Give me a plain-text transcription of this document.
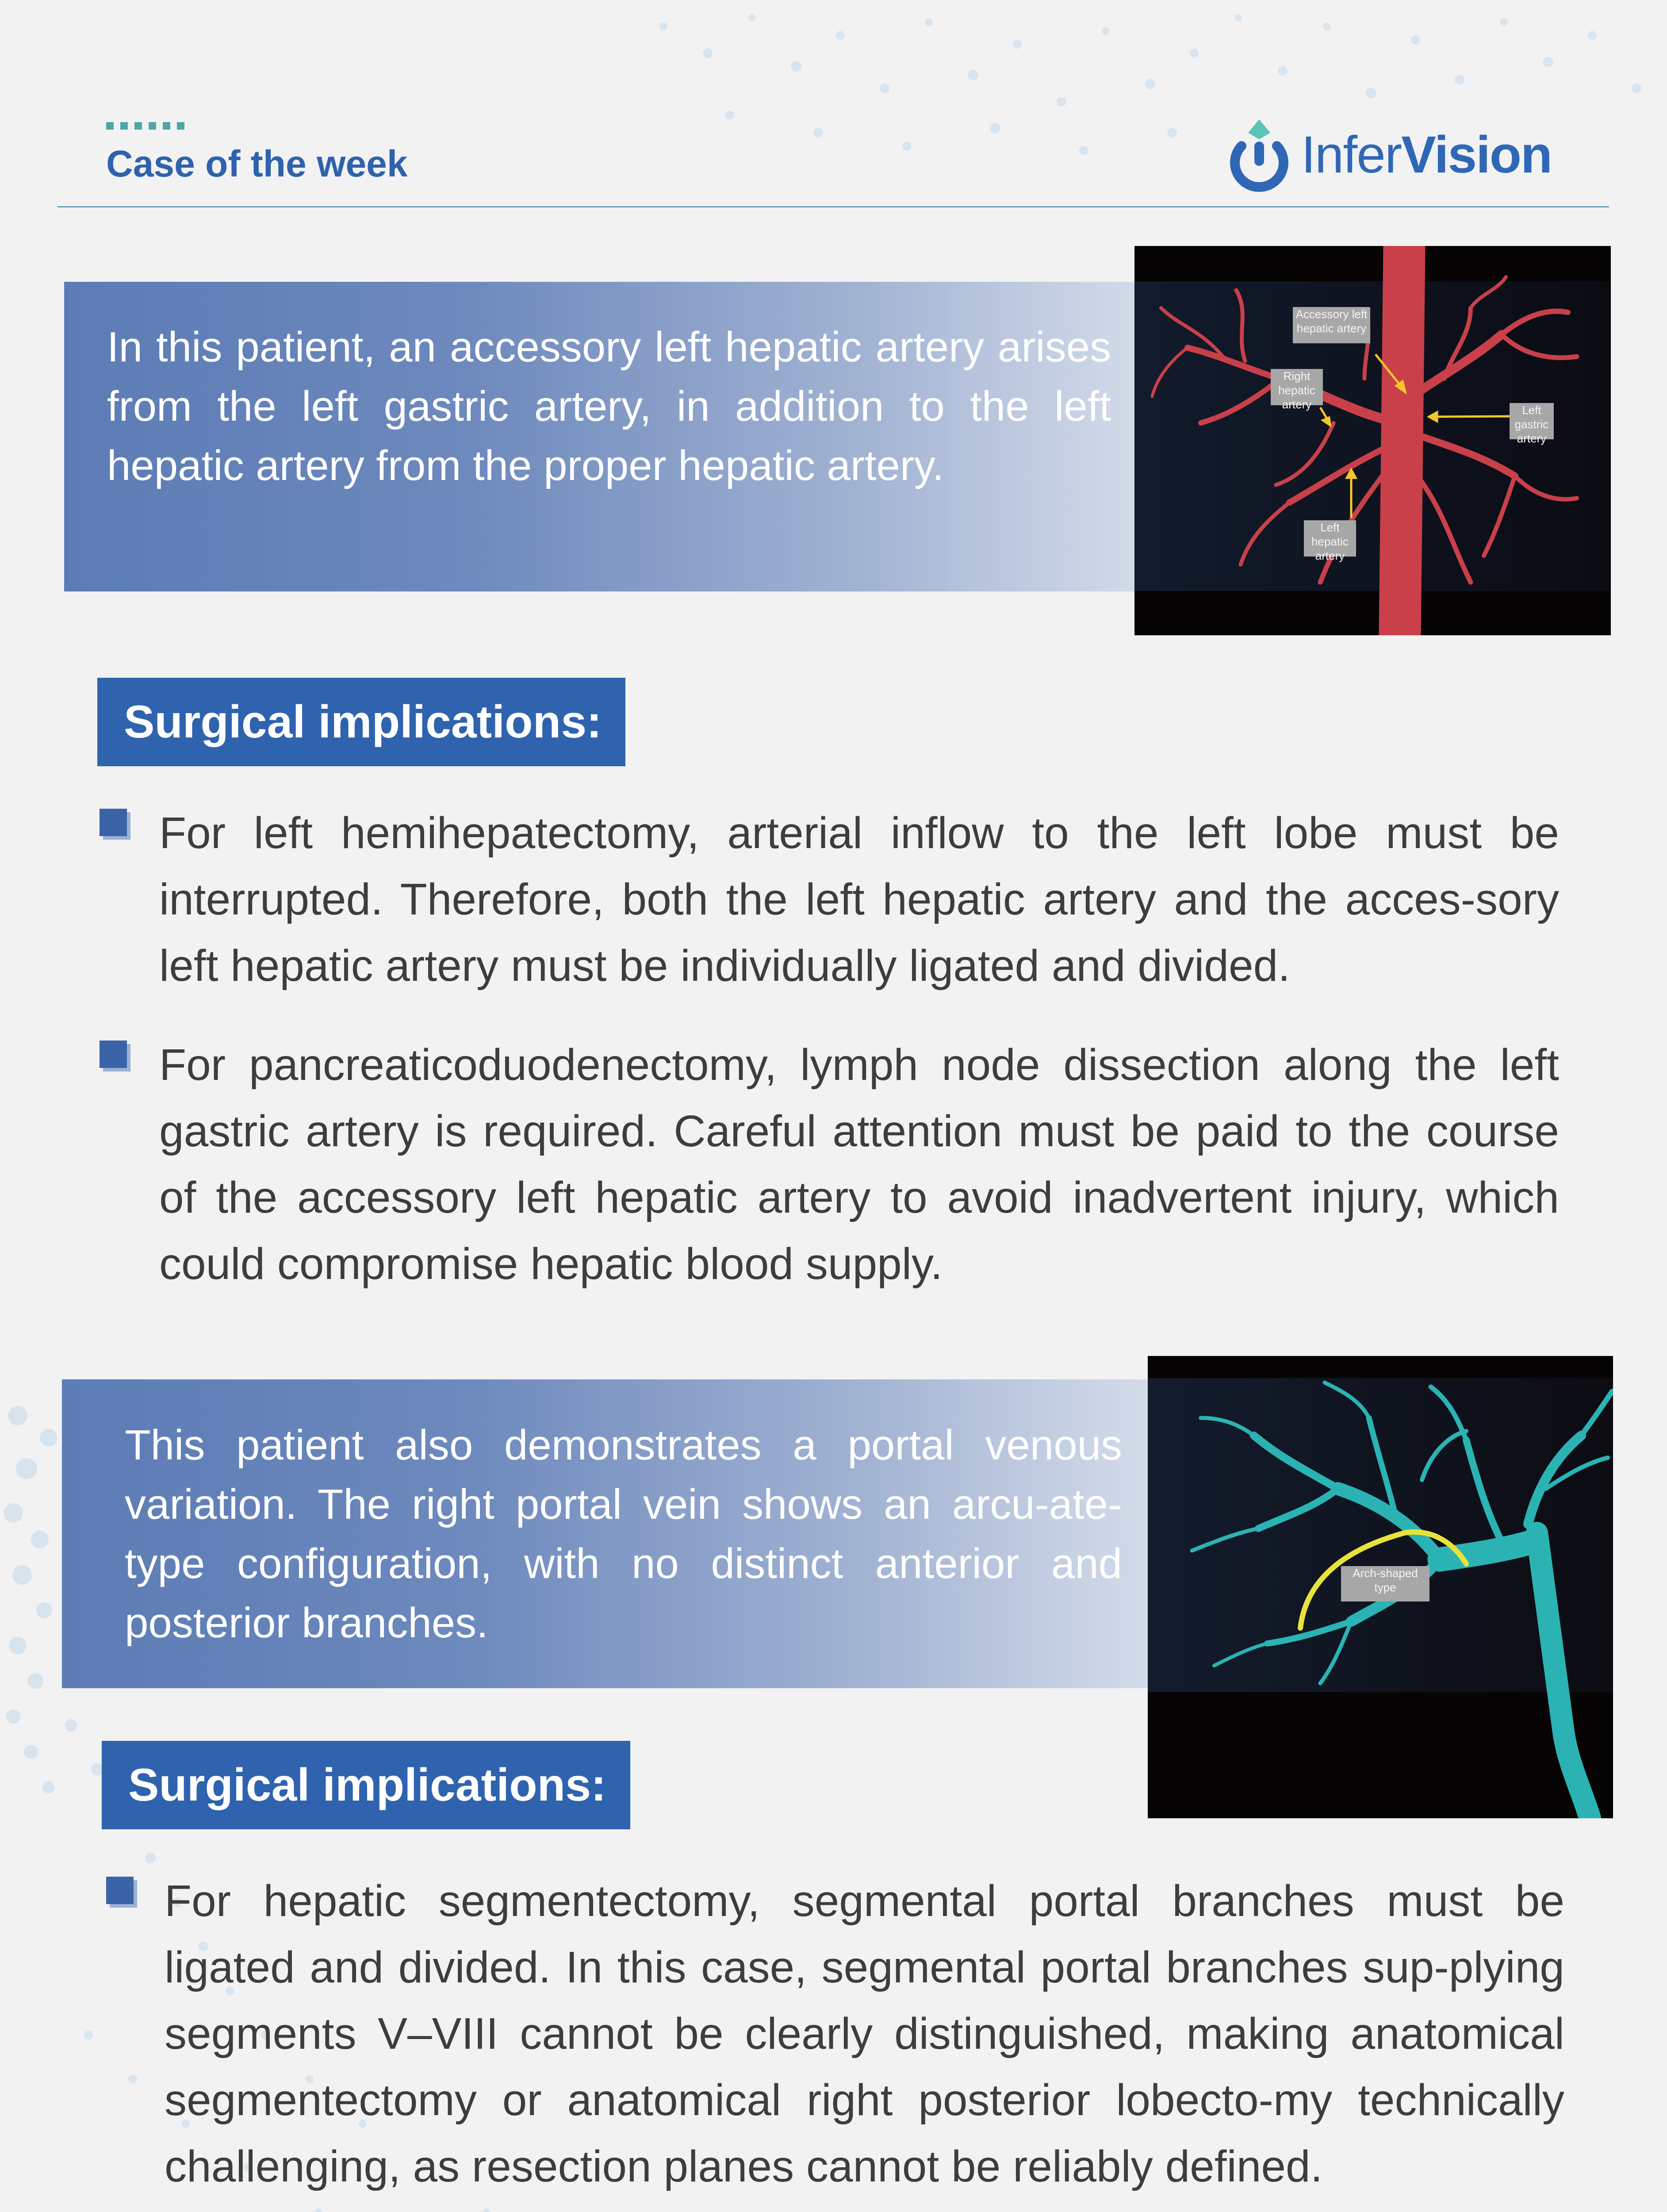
Case of the week	InferVision
In this patient, an accessory left hepatic artery arises from the left gastric artery, in addition to the left hepatic artery from the proper hepatic artery.
Accessory left hepatic artery
Right hepatic artery	Left gastric artery
Left hepatic artery
Surgical implications:
For left hemihepatectomy, arterial inflow to the left lobe must be interrupted. Therefore, both the left hepatic artery and the acces-sory left hepatic artery must be individually ligated and divided.
For pancreaticoduodenectomy, lymph node dissection along the left gastric artery is required. Careful attention must be paid to the course of the accessory left hepatic artery to avoid inadvertent injury, which could compromise hepatic blood supply.
This patient also demonstrates a portal venous variation. The right portal vein shows an arcu-ate-type configuration, with no distinct anterior and posterior branches.
Arch-shaped type
Surgical implications:
For hepatic segmentectomy, segmental portal branches must be ligated and divided. In this case, segmental portal branches sup-plying segments V–VIII cannot be clearly distinguished, making anatomical segmentectomy or anatomical right posterior lobecto-my technically challenging, as resection planes cannot be reliably defined.
